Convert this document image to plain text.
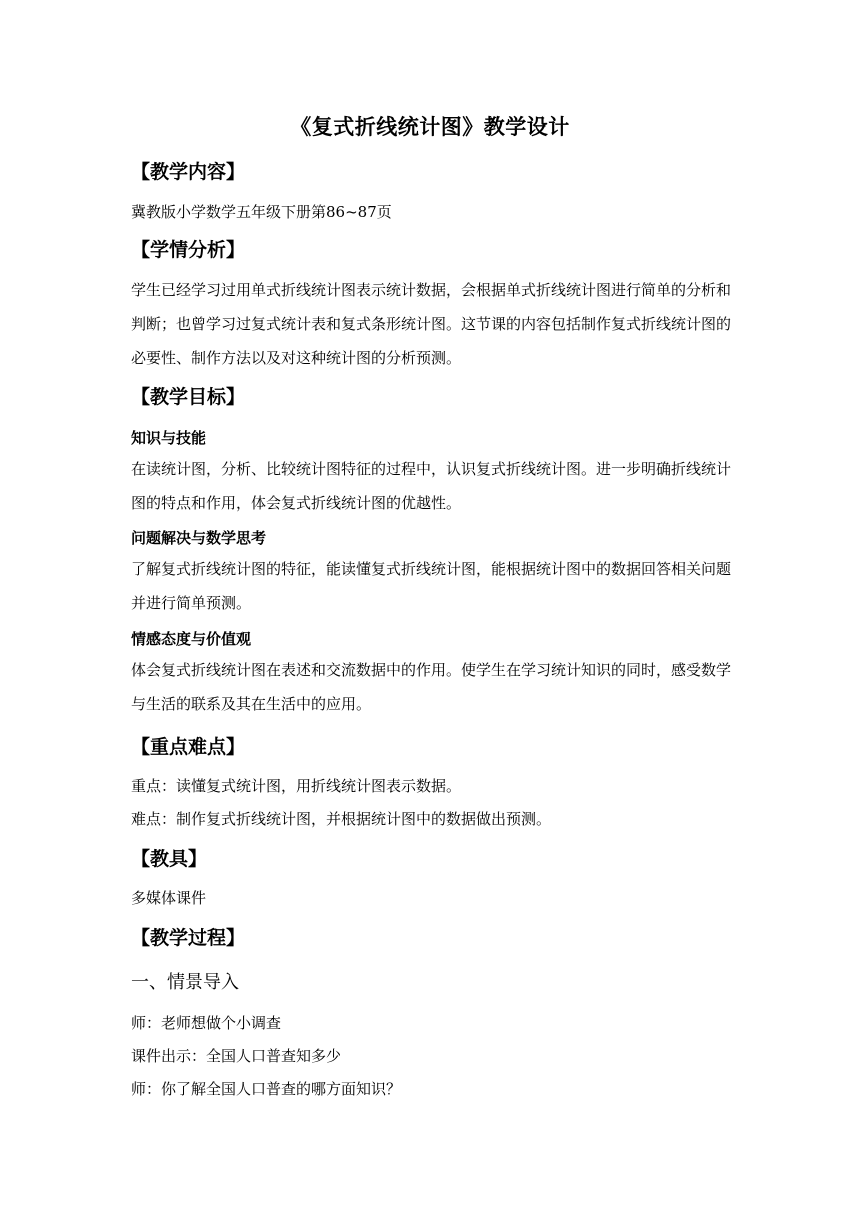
《复式折线统计图》教学设计
【教学内容】
冀教版小学数学五年级下册第86~87页
【学情分析】
学生已经学习过用单式折线统计图表示统计数据，会根据单式折线统计图进行简单的分析和判断；也曾学习过复式统计表和复式条形统计图。这节课的内容包括制作复式折线统计图的必要性、制作方法以及对这种统计图的分析预测。
【教学目标】
知识与技能
在读统计图，分析、比较统计图特征的过程中，认识复式折线统计图。进一步明确折线统计图的特点和作用，体会复式折线统计图的优越性。
问题解决与数学思考
了解复式折线统计图的特征，能读懂复式折线统计图，能根据统计图中的数据回答相关问题并进行简单预测。
情感态度与价值观
体会复式折线统计图在表述和交流数据中的作用。使学生在学习统计知识的同时，感受数学与生活的联系及其在生活中的应用。
【重点难点】
重点：读懂复式统计图，用折线统计图表示数据。
难点：制作复式折线统计图，并根据统计图中的数据做出预测。
【教具】
多媒体课件
【教学过程】
一、情景导入
师：老师想做个小调查
课件出示：全国人口普查知多少
师：你了解全国人口普查的哪方面知识？
